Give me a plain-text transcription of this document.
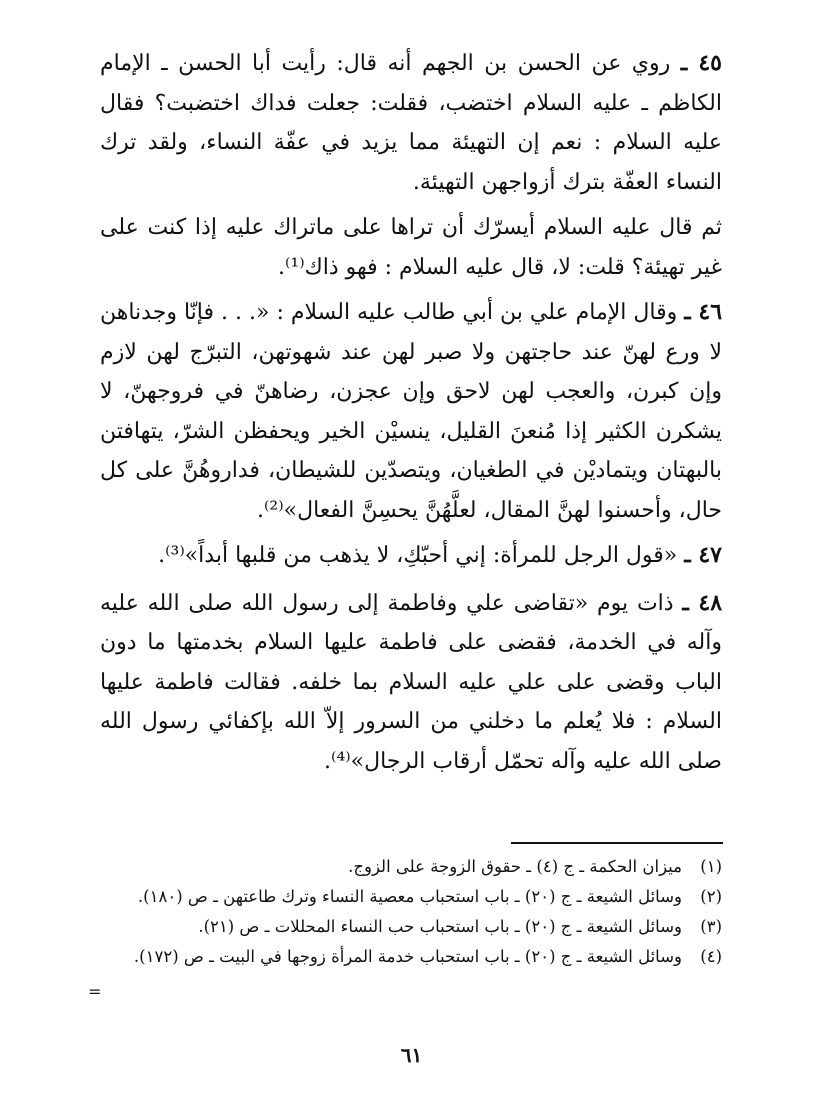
٤٥ ـ روي عن الحسن بن الجهم أنه قال: رأيت أبا الحسن ـ الإمام الكاظم ـ عليه السلام اختضب، فقلت: جعلت فداك اختضبت؟ فقال عليه السلام : نعم إن التهيئة مما يزيد في عفّة النساء، ولقد ترك النساء العفّة بترك أزواجهن التهيئة.

ثم قال عليه السلام أيسرّك أن تراها على ماتراك عليه إذا كنت على غير تهيئة؟ قلت: لا، قال عليه السلام : فهو ذاك⁽¹⁾.

٤٦ ـ وقال الإمام علي بن أبي طالب عليه السلام : «. . . فإنّا وجدناهن لا ورع لهنّ عند حاجتهن ولا صبر لهن عند شهوتهن، التبرّج لهن لازم وإن كبرن، والعجب لهن لاحق وإن عجزن، رضاهنّ في فروجهنّ، لا يشكرن الكثير إذا مُنعنَ القليل، ينسيْن الخير ويحفظن الشرّ، يتهافتن بالبهتان ويتماديْن في الطغيان، ويتصدّين للشيطان، فداروهُنَّ على كل حال، وأحسنوا لهنَّ المقال، لعلَّهُنَّ يحسِنَّ الفعال»⁽²⁾.

٤٧ ـ «قول الرجل للمرأة: إني أحبّكِ، لا يذهب من قلبها أبداً»⁽³⁾.

٤٨ ـ ذات يوم «تقاضى علي وفاطمة إلى رسول الله صلى الله عليه وآله في الخدمة، فقضى على فاطمة عليها السلام بخدمتها ما دون الباب وقضى على علي عليه السلام بما خلفه. فقالت فاطمة عليها السلام : فلا يُعلم ما دخلني من السرور إلاّ الله بإكفائي رسول الله صلى الله عليه وآله تحمّل أرقاب الرجال»⁽⁴⁾.

(١)
ميزان الحكمة ـ ج (٤) ـ حقوق الزوجة على الزوج.
(٢)
وسائل الشيعة ـ ج (٢٠) ـ باب استحباب معصية النساء وترك طاعتهن ـ ص (١٨٠).
(٣)
وسائل الشيعة ـ ج (٢٠) ـ باب استحباب حب النساء المحللات ـ ص (٢١).
(٤)
وسائل الشيعة ـ ج (٢٠) ـ باب استحباب خدمة المرأة زوجها في البيت ـ ص (١٧٢).
=
٦١
